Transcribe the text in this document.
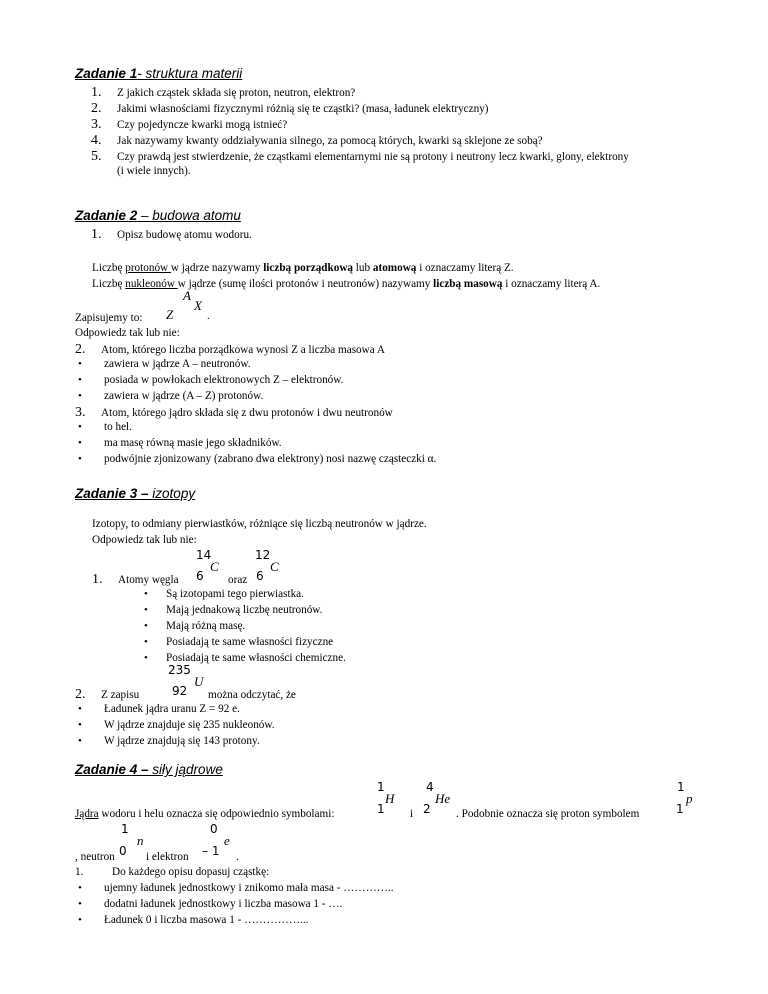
Zadanie 1- struktura materii
1. Z jakich cząstek składa się proton, neutron, elektron?
2. Jakimi własnościami fizycznymi różnią się te cząstki? (masa, ładunek elektryczny)
3. Czy pojedyncze kwarki mogą istnieć?
4. Jak nazywamy kwanty oddziaływania silnego, za pomocą których, kwarki są sklejone ze sobą?
5. Czy prawdą jest stwierdzenie, że cząstkami elementarnymi nie są protony i neutrony lecz kwarki, glony, elektrony
(i wiele innych).
Zadanie 2 – budowa atomu
1. Opisz budowę atomu wodoru.
Liczbę protonów w jądrze nazywamy liczbą porządkową lub atomową i oznaczamy literą Z.
Liczbę nukleonów w jądrze (sumę ilości protonów i neutronów) nazywamy liczbą masową i oznaczamy literą A.
A
X
Z
Zapisujemy to:	.
Odpowiedz tak lub nie:
2. Atom, którego liczba porządkowa wynosi Z a liczba masowa A
• zawiera w jądrze A – neutronów.
• posiada w powłokach elektronowych Z – elektronów.
• zawiera w jądrze (A – Z) protonów.
3. Atom, którego jądro składa się z dwu protonów i dwu neutronów
• to hel.
• ma masę równą masie jego składników.
• podwójnie zjonizowany (zabrano dwa elektrony) nosi nazwę cząsteczki α.
Zadanie 3 – izotopy
Izotopy, to odmiany pierwiastków, różniące się liczbą neutronów w jądrze.
Odpowiedz tak lub nie:
14
C
6
12
C
6
1. Atomy węgla	oraz
• Są izotopami tego pierwiastka.
• Mają jednakową liczbę neutronów.
• Mają różną masę.
• Posiadają te same własności fizyczne
• Posiadają te same własności chemiczne.
235
U
92
2. Z zapisu	można odczytać, że
• Ładunek jądra uranu Z = 92 e.
• W jądrze znajduje się 235 nukleonów.
• W jądrze znajdują się 143 protony.
Zadanie 4 – siły jądrowe
1
H
1
4
He
2
1
p
1
Jądra wodoru i helu oznacza się odpowiednio symbolami:	i	. Podobnie oznacza się proton symbolem
1
n
0
0
e
– 1
, neutron	i elektron	.
1.	Do każdego opisu dopasuj cząstkę:
• ujemny ładunek jednostkowy i znikomo mała masa - …………..
• dodatni ładunek jednostkowy i liczba masowa 1 - ….
• Ładunek 0 i liczba masowa 1 - ……………...
